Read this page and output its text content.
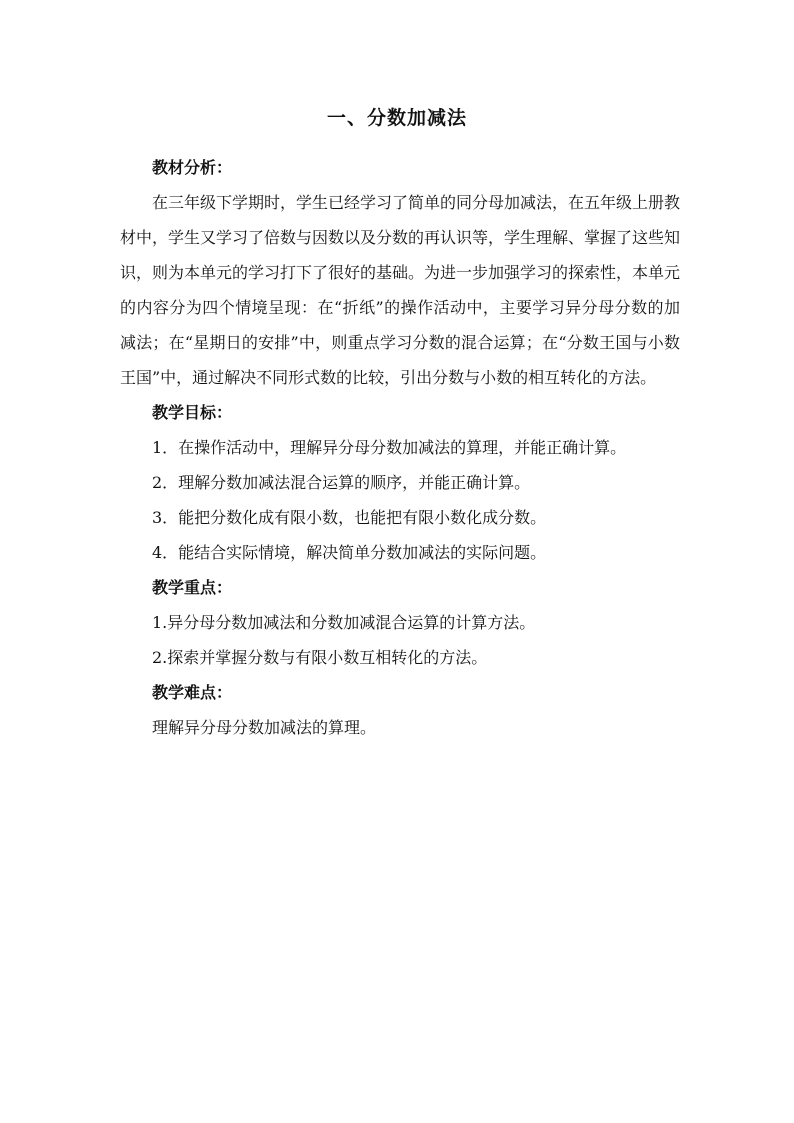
一、分数加减法
教材分析：
在三年级下学期时，学生已经学习了简单的同分母加减法，在五年级上册教材中，学生又学习了倍数与因数以及分数的再认识等，学生理解、掌握了这些知识，则为本单元的学习打下了很好的基础。为进一步加强学习的探索性，本单元的内容分为四个情境呈现：在“折纸”的操作活动中，主要学习异分母分数的加减法；在“星期日的安排”中，则重点学习分数的混合运算；在“分数王国与小数王国”中，通过解决不同形式数的比较，引出分数与小数的相互转化的方法。
教学目标：
1．在操作活动中，理解异分母分数加减法的算理，并能正确计算。
2．理解分数加减法混合运算的顺序，并能正确计算。
3．能把分数化成有限小数，也能把有限小数化成分数。
4．能结合实际情境，解决简单分数加减法的实际问题。
教学重点：
1.异分母分数加减法和分数加减混合运算的计算方法。
2.探索并掌握分数与有限小数互相转化的方法。
教学难点：
理解异分母分数加减法的算理。
